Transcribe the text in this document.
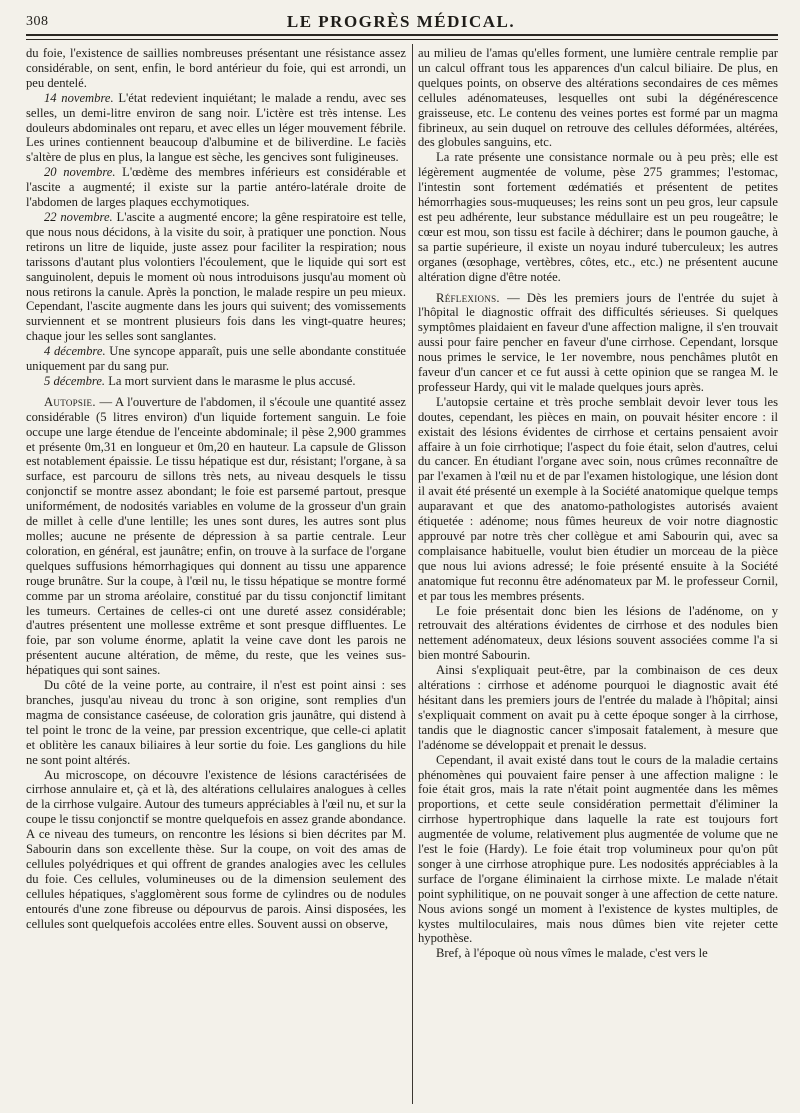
308	LE PROGRÈS MÉDICAL.

du foie, l'existence de saillies nombreuses présentant une résistance assez considérable, on sent, enfin, le bord antérieur du foie, qui est arrondi, un peu dentelé.

14 novembre. L'état redevient inquiétant; le malade a rendu, avec ses selles, un demi-litre environ de sang noir. L'ictère est très intense. Les douleurs abdominales ont reparu, et avec elles un léger mouvement fébrile. Les urines contiennent beaucoup d'albumine et de biliverdine. Le faciès s'altère de plus en plus, la langue est sèche, les gencives sont fuligineuses.

20 novembre. L'œdème des membres inférieurs est considérable et l'ascite a augmenté; il existe sur la partie antéro-latérale droite de l'abdomen de larges plaques ecchymotiques.

22 novembre. L'ascite a augmenté encore; la gêne respiratoire est telle, que nous nous décidons, à la visite du soir, à pratiquer une ponction. Nous retirons un litre de liquide, juste assez pour faciliter la respiration; nous tarissons d'autant plus volontiers l'écoulement, que le liquide qui sort est sanguinolent, depuis le moment où nous introduisons jusqu'au moment où nous retirons la canule. Après la ponction, le malade respire un peu mieux. Cependant, l'ascite augmente dans les jours qui suivent; des vomissements surviennent et se montrent plusieurs fois dans les vingt-quatre heures; chaque jour les selles sont sanglantes.

4 décembre. Une syncope apparaît, puis une selle abondante constituée uniquement par du sang pur.

5 décembre. La mort survient dans le marasme le plus accusé.

Autopsie. — A l'ouverture de l'abdomen, il s'écoule une quantité assez considérable (5 litres environ) d'un liquide fortement sanguin. Le foie occupe une large étendue de l'enceinte abdominale; il pèse 2,900 grammes et présente 0m,31 en longueur et 0m,20 en hauteur. La capsule de Glisson est notablement épaissie. Le tissu hépatique est dur, résistant; l'organe, à sa surface, est parcouru de sillons très nets, au niveau desquels le tissu conjonctif se montre assez abondant; le foie est parsemé partout, presque uniformément, de nodosités variables en volume de la grosseur d'un grain de millet à celle d'une lentille; les unes sont dures, les autres sont plus molles; aucune ne présente de dépression à sa partie centrale. Leur coloration, en général, est jaunâtre; enfin, on trouve à la surface de l'organe quelques suffusions hémorrhagiques qui donnent au tissu une apparence rouge brunâtre. Sur la coupe, à l'œil nu, le tissu hépatique se montre formé comme par un stroma aréolaire, constitué par du tissu conjonctif limitant les tumeurs. Certaines de celles-ci ont une dureté assez considérable; d'autres présentent une mollesse extrême et sont presque diffluentes. Le foie, par son volume énorme, aplatit la veine cave dont les parois ne présentent aucune altération, de même, du reste, que les veines sus-hépatiques qui sont saines.

Du côté de la veine porte, au contraire, il n'est est point ainsi : ses branches, jusqu'au niveau du tronc à son origine, sont remplies d'un magma de consistance caséeuse, de coloration gris jaunâtre, qui distend à tel point le tronc de la veine, par pression excentrique, que celle-ci aplatit et oblitère les canaux biliaires à leur sortie du foie. Les ganglions du hile ne sont point altérés.

Au microscope, on découvre l'existence de lésions caractérisées de cirrhose annulaire et, çà et là, des altérations cellulaires analogues à celles de la cirrhose vulgaire. Autour des tumeurs appréciables à l'œil nu, et sur la coupe le tissu conjonctif se montre quelquefois en assez grande abondance. A ce niveau des tumeurs, on rencontre les lésions si bien décrites par M. Sabourin dans son excellente thèse. Sur la coupe, on voit des amas de cellules polyédriques et qui offrent de grandes analogies avec les cellules du foie. Ces cellules, volumineuses ou de la dimension seulement des cellules hépatiques, s'agglomèrent sous forme de cylindres ou de nodules entourés d'une zone fibreuse ou dépourvus de parois. Ainsi disposées, les cellules sont quelquefois accolées entre elles. Souvent aussi on observe,

au milieu de l'amas qu'elles forment, une lumière centrale remplie par un calcul offrant tous les apparences d'un calcul biliaire. De plus, en quelques points, on observe des altérations secondaires de ces mêmes cellules adénomateuses, lesquelles ont subi la dégénérescence graisseuse, etc. Le contenu des veines portes est formé par un magma fibrineux, au sein duquel on retrouve des cellules déformées, altérées, des globules sanguins, etc.

La rate présente une consistance normale ou à peu près; elle est légèrement augmentée de volume, pèse 275 grammes; l'estomac, l'intestin sont fortement œdématiés et présentent de petites hémorrhagies sous-muqueuses; les reins sont un peu gros, leur capsule est peu adhérente, leur substance médullaire est un peu rougeâtre; le cœur est mou, son tissu est facile à déchirer; dans le poumon gauche, à sa partie supérieure, il existe un noyau induré tuberculeux; les autres organes (œsophage, vertèbres, côtes, etc., etc.) ne présentent aucune altération digne d'être notée.

Réflexions. — Dès les premiers jours de l'entrée du sujet à l'hôpital le diagnostic offrait des difficultés sérieuses. Si quelques symptômes plaidaient en faveur d'une affection maligne, il s'en trouvait aussi pour faire pencher en faveur d'une cirrhose. Cependant, lorsque nous primes le service, le 1er novembre, nous penchâmes plutôt en faveur d'un cancer et ce fut aussi à cette opinion que se rangea M. le professeur Hardy, qui vit le malade quelques jours après.

L'autopsie certaine et très proche semblait devoir lever tous les doutes, cependant, les pièces en main, on pouvait hésiter encore : il existait des lésions évidentes de cirrhose et certains pensaient avoir affaire à un foie cirrhotique; l'aspect du foie était, selon d'autres, celui du cancer. En étudiant l'organe avec soin, nous crûmes reconnaître de par l'examen à l'œil nu et de par l'examen histologique, une lésion dont il avait été présenté un exemple à la Société anatomique quelque temps auparavant et que des anatomo-pathologistes autorisés avaient étiquetée : adénome; nous fûmes heureux de voir notre diagnostic approuvé par notre très cher collègue et ami Sabourin qui, avec sa complaisance habituelle, voulut bien étudier un morceau de la pièce que nous lui avions adressé; le foie présenté ensuite à la Société anatomique fut reconnu être adénomateux par M. le professeur Cornil, et par tous les membres présents.

Le foie présentait donc bien les lésions de l'adénome, on y retrouvait des altérations évidentes de cirrhose et des nodules bien nettement adénomateux, deux lésions souvent associées comme l'a si bien montré Sabourin.

Ainsi s'expliquait peut-être, par la combinaison de ces deux altérations : cirrhose et adénome pourquoi le diagnostic avait été hésitant dans les premiers jours de l'entrée du malade à l'hôpital; ainsi s'expliquait comment on avait pu à cette époque songer à la cirrhose, tandis que le diagnostic cancer s'imposait fatalement, à mesure que l'adénome se développait et prenait le dessus.

Cependant, il avait existé dans tout le cours de la maladie certains phénomènes qui pouvaient faire penser à une affection maligne : le foie était gros, mais la rate n'était point augmentée dans les mêmes proportions, et cette seule considération permettait d'éliminer la cirrhose hypertrophique dans laquelle la rate est toujours fort augmentée de volume, relativement plus augmentée de volume que ne l'est le foie (Hardy). Le foie était trop volumineux pour qu'on pût songer à une cirrhose atrophique pure. Les nodosités appréciables à la surface de l'organe éliminaient la cirrhose mixte. Le malade n'était point syphilitique, on ne pouvait songer à une affection de cette nature. Nous avions songé un moment à l'existence de kystes multiples, de kystes multiloculaires, mais nous dûmes bien vite rejeter cette hypothèse.

Bref, à l'époque où nous vîmes le malade, c'est vers le
